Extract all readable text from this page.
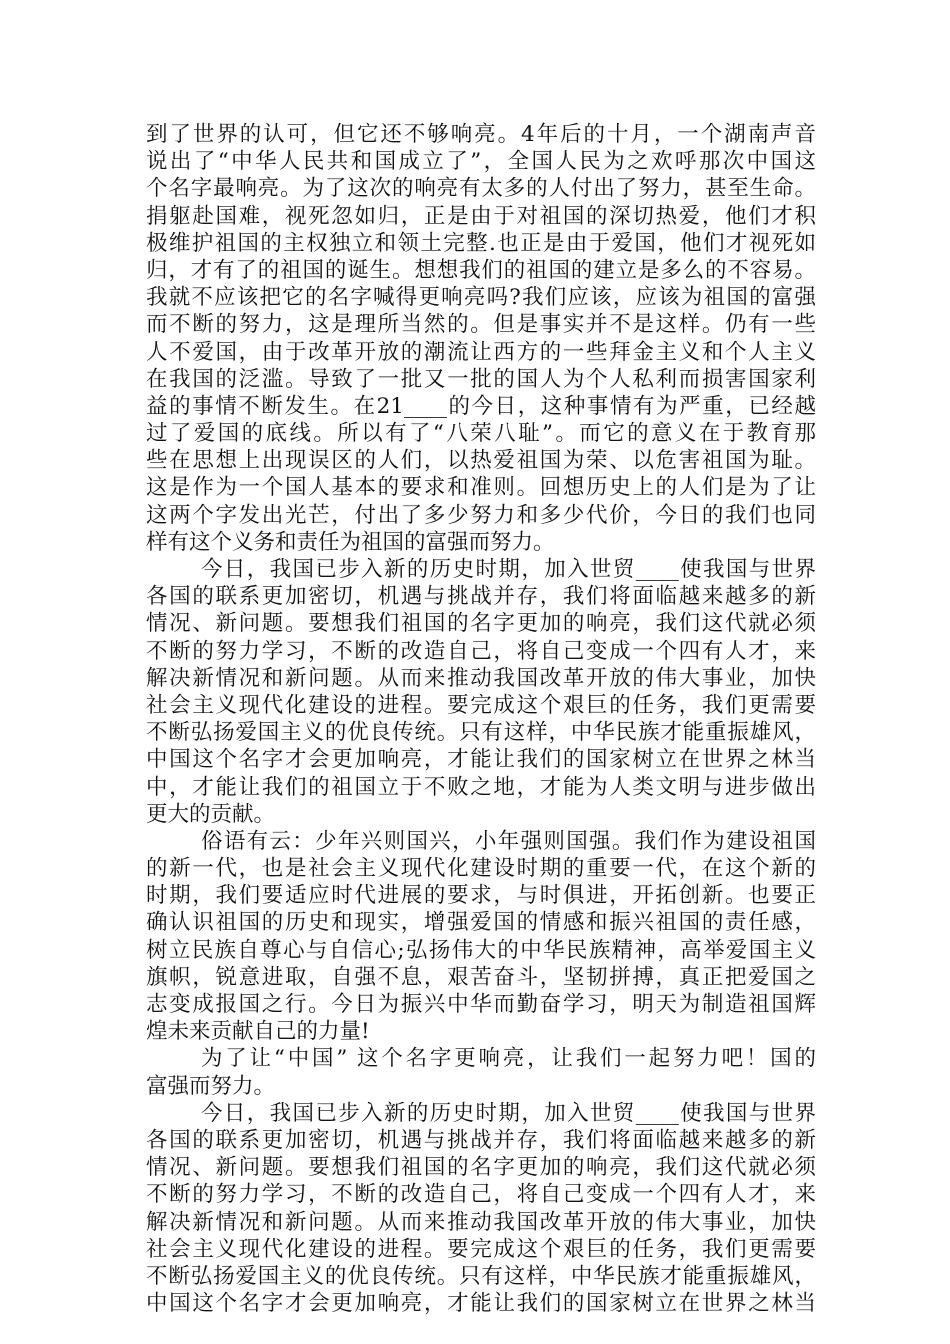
到了世界的认可，但它还不够响亮。4年后的十月，一个湖南声音
说出了“中华人民共和国成立了”，全国人民为之欢呼那次中国这
个名字最响亮。为了这次的响亮有太多的人付出了努力，甚至生命。
捐躯赴国难，视死忽如归，正是由于对祖国的深切热爱，他们才积
极维护祖国的主权独立和领土完整.也正是由于爱国，他们才视死如
归，才有了的祖国的诞生。想想我们的祖国的建立是多么的不容易。
我就不应该把它的名字喊得更响亮吗?我们应该，应该为祖国的富强
而不断的努力，这是理所当然的。但是事实并不是这样。仍有一些
人不爱国，由于改革开放的潮流让西方的一些拜金主义和个人主义
在我国的泛滥。导致了一批又一批的国人为个人私利而损害国家利
益的事情不断发生。在21____的今日，这种事情有为严重，已经越
过了爱国的底线。所以有了“八荣八耻”。而它的意义在于教育那
些在思想上出现误区的人们，以热爱祖国为荣、以危害祖国为耻。
这是作为一个国人基本的要求和准则。回想历史上的人们是为了让
这两个字发出光芒，付出了多少努力和多少代价，今日的我们也同
样有这个义务和责任为祖国的富强而努力。
今日，我国已步入新的历史时期，加入世贸____使我国与世界
各国的联系更加密切，机遇与挑战并存，我们将面临越来越多的新
情况、新问题。要想我们祖国的名字更加的响亮，我们这代就必须
不断的努力学习，不断的改造自己，将自己变成一个四有人才，来
解决新情况和新问题。从而来推动我国改革开放的伟大事业，加快
社会主义现代化建设的进程。要完成这个艰巨的任务，我们更需要
不断弘扬爱国主义的优良传统。只有这样，中华民族才能重振雄风，
中国这个名字才会更加响亮，才能让我们的国家树立在世界之林当
中，才能让我们的祖国立于不败之地，才能为人类文明与进步做出
更大的贡献。
俗语有云：少年兴则国兴，小年强则国强。我们作为建设祖国
的新一代，也是社会主义现代化建设时期的重要一代，在这个新的
时期，我们要适应时代进展的要求，与时俱进，开拓创新。也要正
确认识祖国的历史和现实，增强爱国的情感和振兴祖国的责任感，
树立民族自尊心与自信心;弘扬伟大的中华民族精神，高举爱国主义
旗帜，锐意进取，自强不息，艰苦奋斗，坚韧拼搏，真正把爱国之
志变成报国之行。今日为振兴中华而勤奋学习，明天为制造祖国辉
煌未来贡献自己的力量!
为了让“中国” 这个名字更响亮，让我们一起努力吧！国的
富强而努力。
今日，我国已步入新的历史时期，加入世贸____使我国与世界
各国的联系更加密切，机遇与挑战并存，我们将面临越来越多的新
情况、新问题。要想我们祖国的名字更加的响亮，我们这代就必须
不断的努力学习，不断的改造自己，将自己变成一个四有人才，来
解决新情况和新问题。从而来推动我国改革开放的伟大事业，加快
社会主义现代化建设的进程。要完成这个艰巨的任务，我们更需要
不断弘扬爱国主义的优良传统。只有这样，中华民族才能重振雄风，
中国这个名字才会更加响亮，才能让我们的国家树立在世界之林当
